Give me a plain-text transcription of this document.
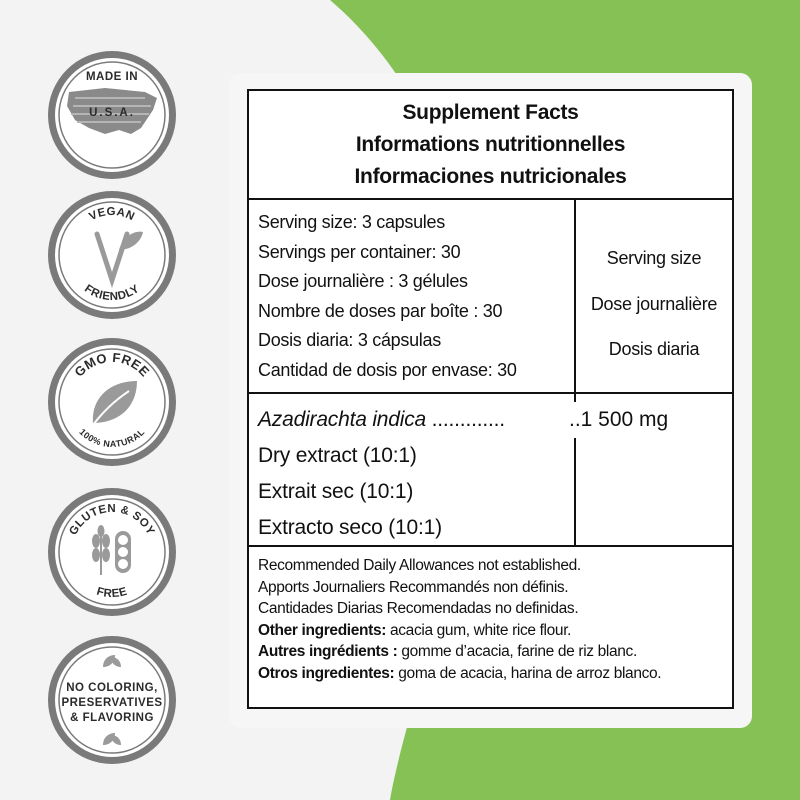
MADE IN
U.S.A.
VEGAN
FRIENDLY
GMO FREE
100% NATURAL
GLUTEN & SOY
FREE
NO COLORING,
PRESERVATIVES
& FLAVORING
Supplement Facts
Informations nutritionnelles
Informaciones nutricionales
Serving size: 3 capsules
Servings per container: 30
Dose journalière : 3 gélules
Nombre de doses par boîte : 30
Dosis diaria: 3 cápsulas
Cantidad de dosis por envase: 30
Serving size
Dose journalière
Dosis diaria
Azadirachta indica .............
Dry extract (10:1)
Extrait sec (10:1)
Extracto seco (10:1)
..1 500 mg
Recommended Daily Allowances not established.
Apports Journaliers Recommandés non définis.
Cantidades Diarias Recomendadas no definidas.
Other ingredients: acacia gum, white rice flour.
Autres ingrédients : gomme d’acacia, farine de riz blanc.
Otros ingredientes: goma de acacia, harina de arroz blanco.
